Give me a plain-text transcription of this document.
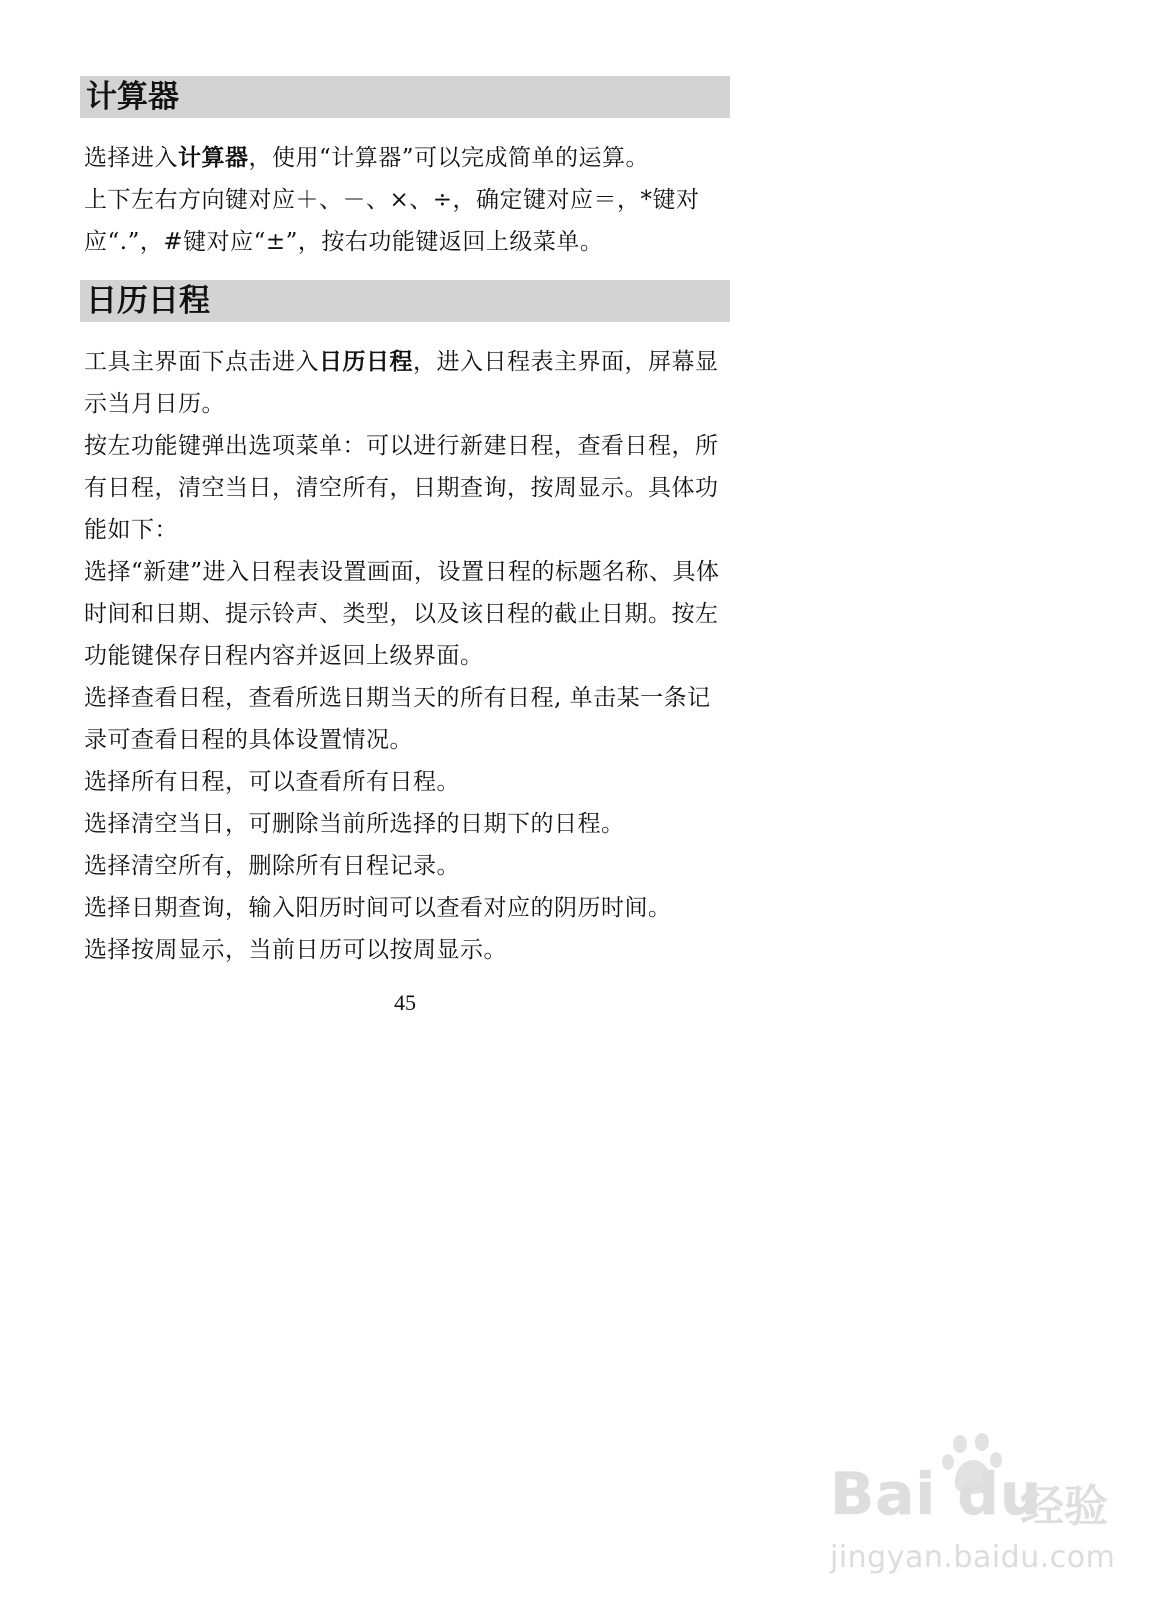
计算器

选择进入计算器，使用“计算器”可以完成简单的运算。

上下左右方向键对应＋、－、×、÷，确定键对应＝，*键对应“.”，#键对应“±”，按右功能键返回上级菜单。

日历日程

工具主界面下点击进入日历日程，进入日程表主界面，屏幕显示当月日历。

按左功能键弹出选项菜单：可以进行新建日程，查看日程，所有日程，清空当日，清空所有，日期查询，按周显示。具体功能如下：

选择“新建”进入日程表设置画面，设置日程的标题名称、具体时间和日期、提示铃声、类型，以及该日程的截止日期。按左功能键保存日程内容并返回上级界面。

选择查看日程，查看所选日期当天的所有日程, 单击某一条记录可查看日程的具体设置情况。

选择所有日程，可以查看所有日程。

选择清空当日，可删除当前所选择的日期下的日程。

选择清空所有，删除所有日程记录。

选择日期查询，输入阳历时间可以查看对应的阴历时间。

选择按周显示，当前日历可以按周显示。

45
Bai du
经验
jingyan.baidu.com
